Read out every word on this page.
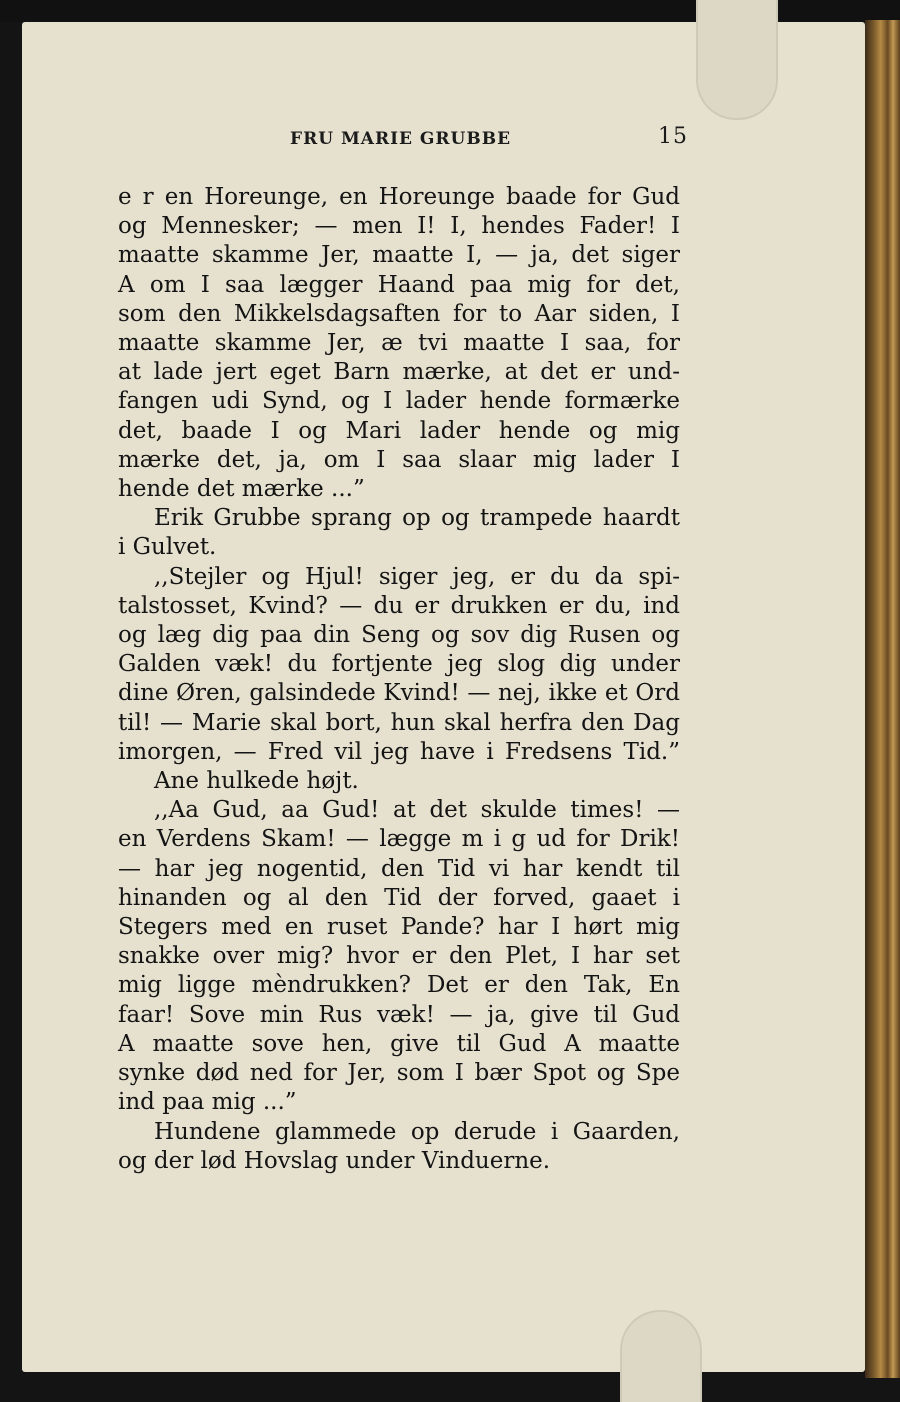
FRU MARIE GRUBBE	15
e r en Horeunge, en Horeunge baade for Gud
og Mennesker; — men I! I, hendes Fader! I
maatte skamme Jer, maatte I, — ja, det siger
A om I saa lægger Haand paa mig for det,
som den Mikkelsdagsaften for to Aar siden, I
maatte skamme Jer, æ tvi maatte I saa, for
at lade jert eget Barn mærke, at det er und-
fangen udi Synd, og I lader hende formærke
det, baade I og Mari lader hende og mig
mærke det, ja, om I saa slaar mig lader I
hende det mærke ...”
Erik Grubbe sprang op og trampede haardt
i Gulvet.
,,Stejler og Hjul! siger jeg, er du da spi-
talstosset, Kvind? — du er drukken er du, ind
og læg dig paa din Seng og sov dig Rusen og
Galden væk! du fortjente jeg slog dig under
dine Øren, galsindede Kvind! — nej, ikke et Ord
til! — Marie skal bort, hun skal herfra den Dag
imorgen, — Fred vil jeg have i Fredsens Tid.”
Ane hulkede højt.
,,Aa Gud, aa Gud! at det skulde times! —
en Verdens Skam! — lægge m i g ud for Drik!
— har jeg nogentid, den Tid vi har kendt til
hinanden og al den Tid der forved, gaaet i
Stegers med en ruset Pande? har I hørt mig
snakke over mig? hvor er den Plet, I har set
mig ligge mèndrukken? Det er den Tak, En
faar! Sove min Rus væk! — ja, give til Gud
A maatte sove hen, give til Gud A maatte
synke død ned for Jer, som I bær Spot og Spe
ind paa mig ...”
Hundene glammede op derude i Gaarden,
og der lød Hovslag under Vinduerne.
